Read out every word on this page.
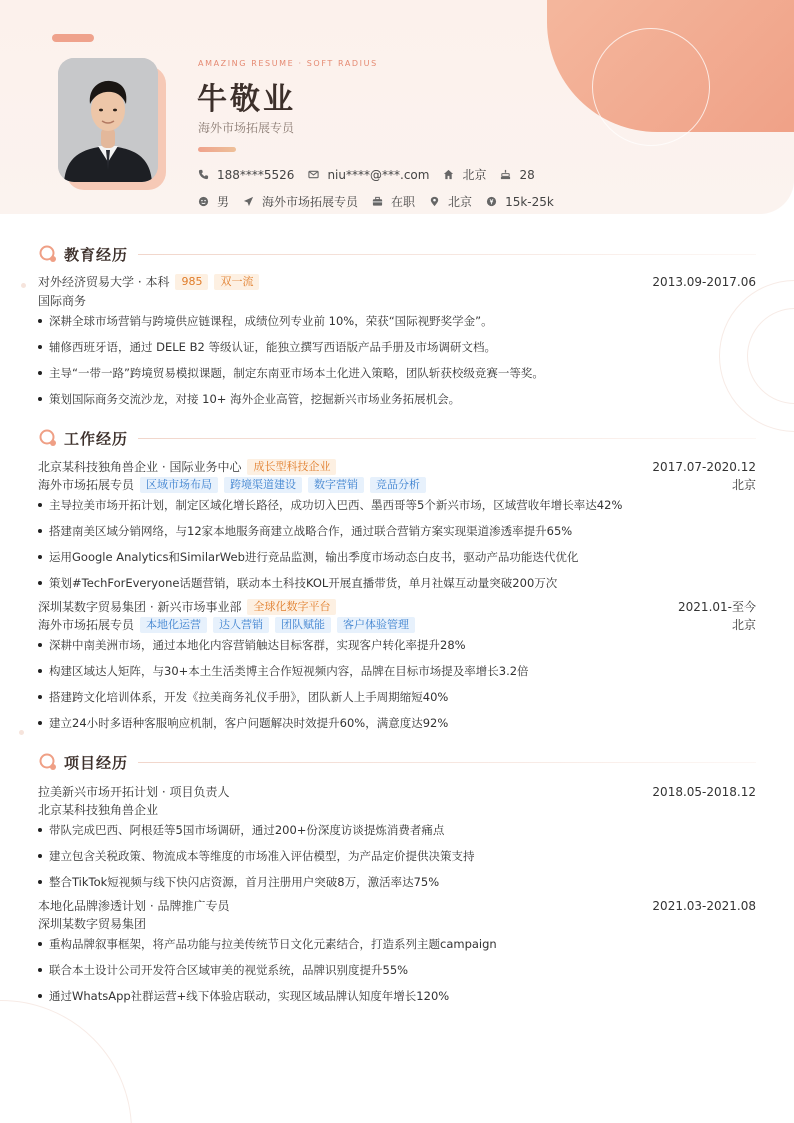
AMAZING RESUME · SOFT RADIUS
牛敬业
海外市场拓展专员
188****5526	niu****@***.com	北京	28
男	海外市场拓展专员	在职	北京	15k-25k
教育经历
对外经济贸易大学 · 本科	985	双一流	2013.09-2017.06
国际商务
深耕全球市场营销与跨境供应链课程，成绩位列专业前 10%，荣获“国际视野奖学金”。
辅修西班牙语，通过 DELE B2 等级认证，能独立撰写西语版产品手册及市场调研文档。
主导“一带一路”跨境贸易模拟课题，制定东南亚市场本土化进入策略，团队斩获校级竞赛一等奖。
策划国际商务交流沙龙，对接 10+ 海外企业高管，挖掘新兴市场业务拓展机会。
工作经历
北京某科技独角兽企业 · 国际业务中心	成长型科技企业	2017.07-2020.12
海外市场拓展专员	区域市场布局	跨境渠道建设	数字营销	竞品分析	北京
主导拉美市场开拓计划，制定区域化增长路径，成功切入巴西、墨西哥等5个新兴市场，区域营收年增长率达42%
搭建南美区域分销网络，与12家本地服务商建立战略合作，通过联合营销方案实现渠道渗透率提升65%
运用Google Analytics和SimilarWeb进行竞品监测，输出季度市场动态白皮书，驱动产品功能迭代优化
策划#TechForEveryone话题营销，联动本土科技KOL开展直播带货，单月社媒互动量突破200万次
深圳某数字贸易集团 · 新兴市场事业部	全球化数字平台	2021.01-至今
海外市场拓展专员	本地化运营	达人营销	团队赋能	客户体验管理	北京
深耕中南美洲市场，通过本地化内容营销触达目标客群，实现客户转化率提升28%
构建区域达人矩阵，与30+本土生活类博主合作短视频内容，品牌在目标市场提及率增长3.2倍
搭建跨文化培训体系，开发《拉美商务礼仪手册》，团队新人上手周期缩短40%
建立24小时多语种客服响应机制，客户问题解决时效提升60%，满意度达92%
项目经历
拉美新兴市场开拓计划 · 项目负责人	2018.05-2018.12
北京某科技独角兽企业
带队完成巴西、阿根廷等5国市场调研，通过200+份深度访谈提炼消费者痛点
建立包含关税政策、物流成本等维度的市场准入评估模型，为产品定价提供决策支持
整合TikTok短视频与线下快闪店资源，首月注册用户突破8万，激活率达75%
本地化品牌渗透计划 · 品牌推广专员	2021.03-2021.08
深圳某数字贸易集团
重构品牌叙事框架，将产品功能与拉美传统节日文化元素结合，打造系列主题campaign
联合本土设计公司开发符合区域审美的视觉系统，品牌识别度提升55%
通过WhatsApp社群运营+线下体验店联动，实现区域品牌认知度年增长120%
